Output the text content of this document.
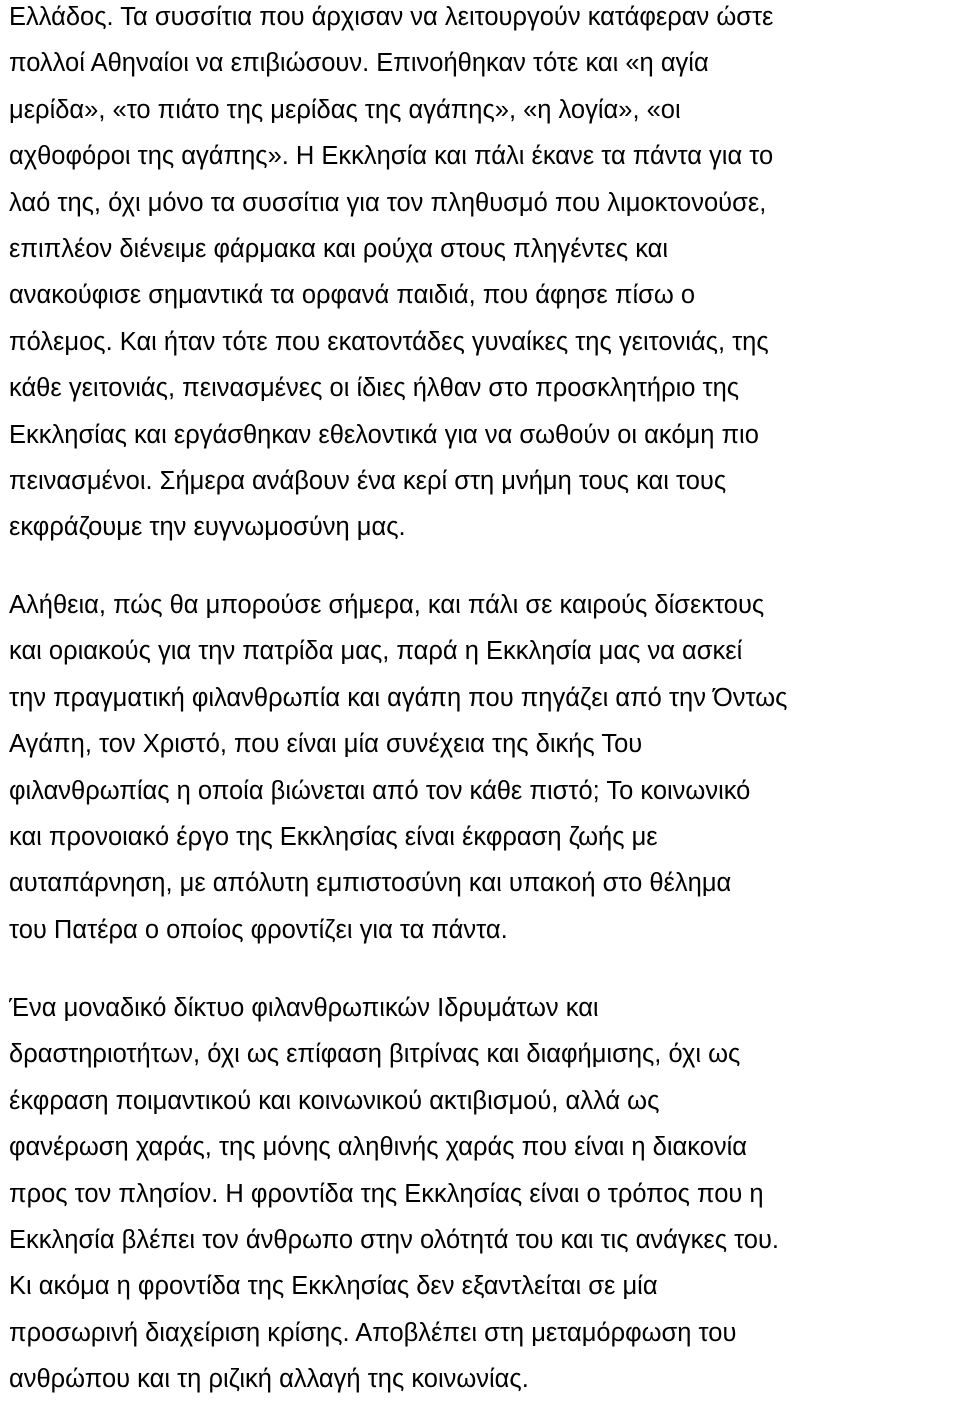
Ελλάδος. Τα συσσίτια που άρχισαν να λειτουργούν κατάφεραν ώστε
πολλοί Αθηναίοι να επιβιώσουν. Επινοήθηκαν τότε και «η αγία
μερίδα», «το πιάτο της μερίδας της αγάπης», «η λογία», «οι
αχθοφόροι της αγάπης». Η Εκκλησία και πάλι έκανε τα πάντα για το
λαό της, όχι μόνο τα συσσίτια για τον πληθυσμό που λιμοκτονούσε,
επιπλέον διένειμε φάρμακα και ρούχα στους πληγέντες και
ανακούφισε σημαντικά τα ορφανά παιδιά, που άφησε πίσω ο
πόλεμος. Και ήταν τότε που εκατοντάδες γυναίκες της γειτονιάς, της
κάθε γειτονιάς, πεινασμένες οι ίδιες ήλθαν στο προσκλητήριο της
Εκκλησίας και εργάσθηκαν εθελοντικά για να σωθούν οι ακόμη πιο
πεινασμένοι. Σήμερα ανάβουν ένα κερί στη μνήμη τους και τους
εκφράζουμε την ευγνωμοσύνη μας.

Αλήθεια, πώς θα μπορούσε σήμερα, και πάλι σε καιρούς δίσεκτους
και οριακούς για την πατρίδα μας, παρά η Εκκλησία μας να ασκεί
την πραγματική φιλανθρωπία και αγάπη που πηγάζει από την Όντως
Αγάπη, τον Χριστό, που είναι μία συνέχεια της δικής Του
φιλανθρωπίας η οποία βιώνεται από τον κάθε πιστό; Το κοινωνικό
και προνοιακό έργο της Εκκλησίας είναι έκφραση ζωής με
αυταπάρνηση, με απόλυτη εμπιστοσύνη και υπακοή στο θέλημα
του Πατέρα ο οποίος φροντίζει για τα πάντα.

Ένα μοναδικό δίκτυο φιλανθρωπικών Ιδρυμάτων και
δραστηριοτήτων, όχι ως επίφαση βιτρίνας και διαφήμισης, όχι ως
έκφραση ποιμαντικού και κοινωνικού ακτιβισμού, αλλά ως
φανέρωση χαράς, της μόνης αληθινής χαράς που είναι η διακονία
προς τον πλησίον. Η φροντίδα της Εκκλησίας είναι ο τρόπος που η
Εκκλησία βλέπει τον άνθρωπο στην ολότητά του και τις ανάγκες του.
Κι ακόμα η φροντίδα της Εκκλησίας δεν εξαντλείται σε μία
προσωρινή διαχείριση κρίσης. Αποβλέπει στη μεταμόρφωση του
ανθρώπου και τη ριζική αλλαγή της κοινωνίας.
